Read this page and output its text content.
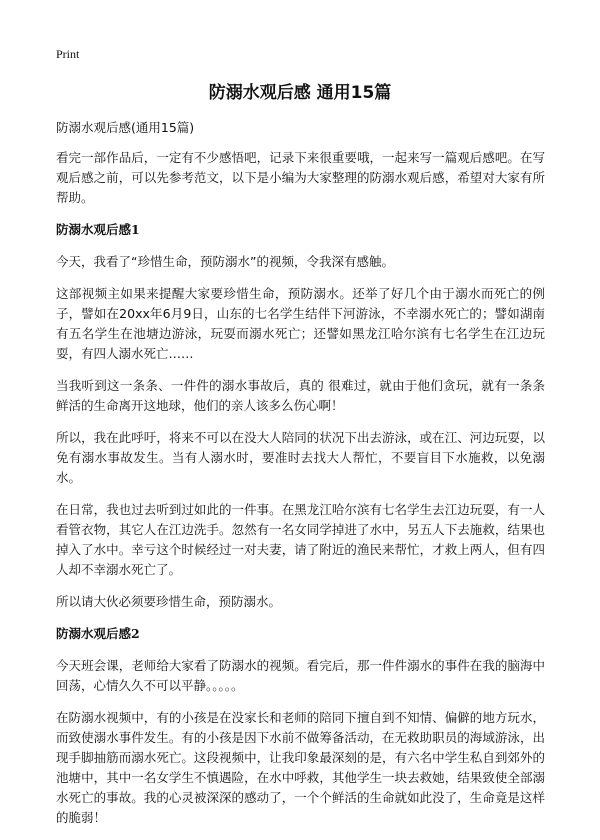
Print
防溺水观后感 通用15篇
防溺水观后感(通用15篇)

看完一部作品后，一定有不少感悟吧，记录下来很重要哦，一起来写一篇观后感吧。在写观后感之前，可以先参考范文，以下是小编为大家整理的防溺水观后感，希望对大家有所帮助。

防溺水观后感1

今天，我看了“珍惜生命，预防溺水”的视频，令我深有感触。

这部视频主如果来提醒大家要珍惜生命，预防溺水。还举了好几个由于溺水而死亡的例子，譬如在20xx年6月9日，山东的七名学生结伴下河游泳，不幸溺水死亡的；譬如湖南有五名学生在池塘边游泳，玩耍而溺水死亡；还譬如黑龙江哈尔滨有七名学生在江边玩耍，有四人溺水死亡……

当我听到这一条条、一件件的溺水事故后，真的 很难过，就由于他们贪玩，就有一条条鲜活的生命离开这地球，他们的亲人该多么伤心啊！

所以，我在此呼吁，将来不可以在没大人陪同的状况下出去游泳，或在江、河边玩耍，以免有溺水事故发生。当有人溺水时，要准时去找大人帮忙，不要盲目下水施救，以免溺水。

在日常，我也过去听到过如此的一件事。在黑龙江哈尔滨有七名学生去江边玩耍，有一人看管衣物，其它人在江边洗手。忽然有一名女同学掉进了水中，另五人下去施救，结果也掉入了水中。幸亏这个时候经过一对夫妻，请了附近的渔民来帮忙，才救上两人，但有四人却不幸溺水死亡了。

所以请大伙必须要珍惜生命，预防溺水。

防溺水观后感2

今天班会课，老师给大家看了防溺水的视频。看完后，那一件件溺水的事件在我的脑海中回荡，心情久久不可以平静。。。。。

在防溺水视频中，有的小孩是在没家长和老师的陪同下擅自到不知情、偏僻的地方玩水，而致使溺水事件发生。有的小孩是因下水前不做筹备活动，在无救助职员的海域游泳，出现手脚抽筋而溺水死亡。这段视频中，让我印象最深刻的是，有六名中学生私自到郊外的 池塘中，其中一名女学生不慎遇险，在水中呼救，其他学生一块去救她，结果致使全部溺水死亡的事故。我的心灵被深深的感动了，一个个鲜活的生命就如此没了，生命竟是这样的脆弱！
